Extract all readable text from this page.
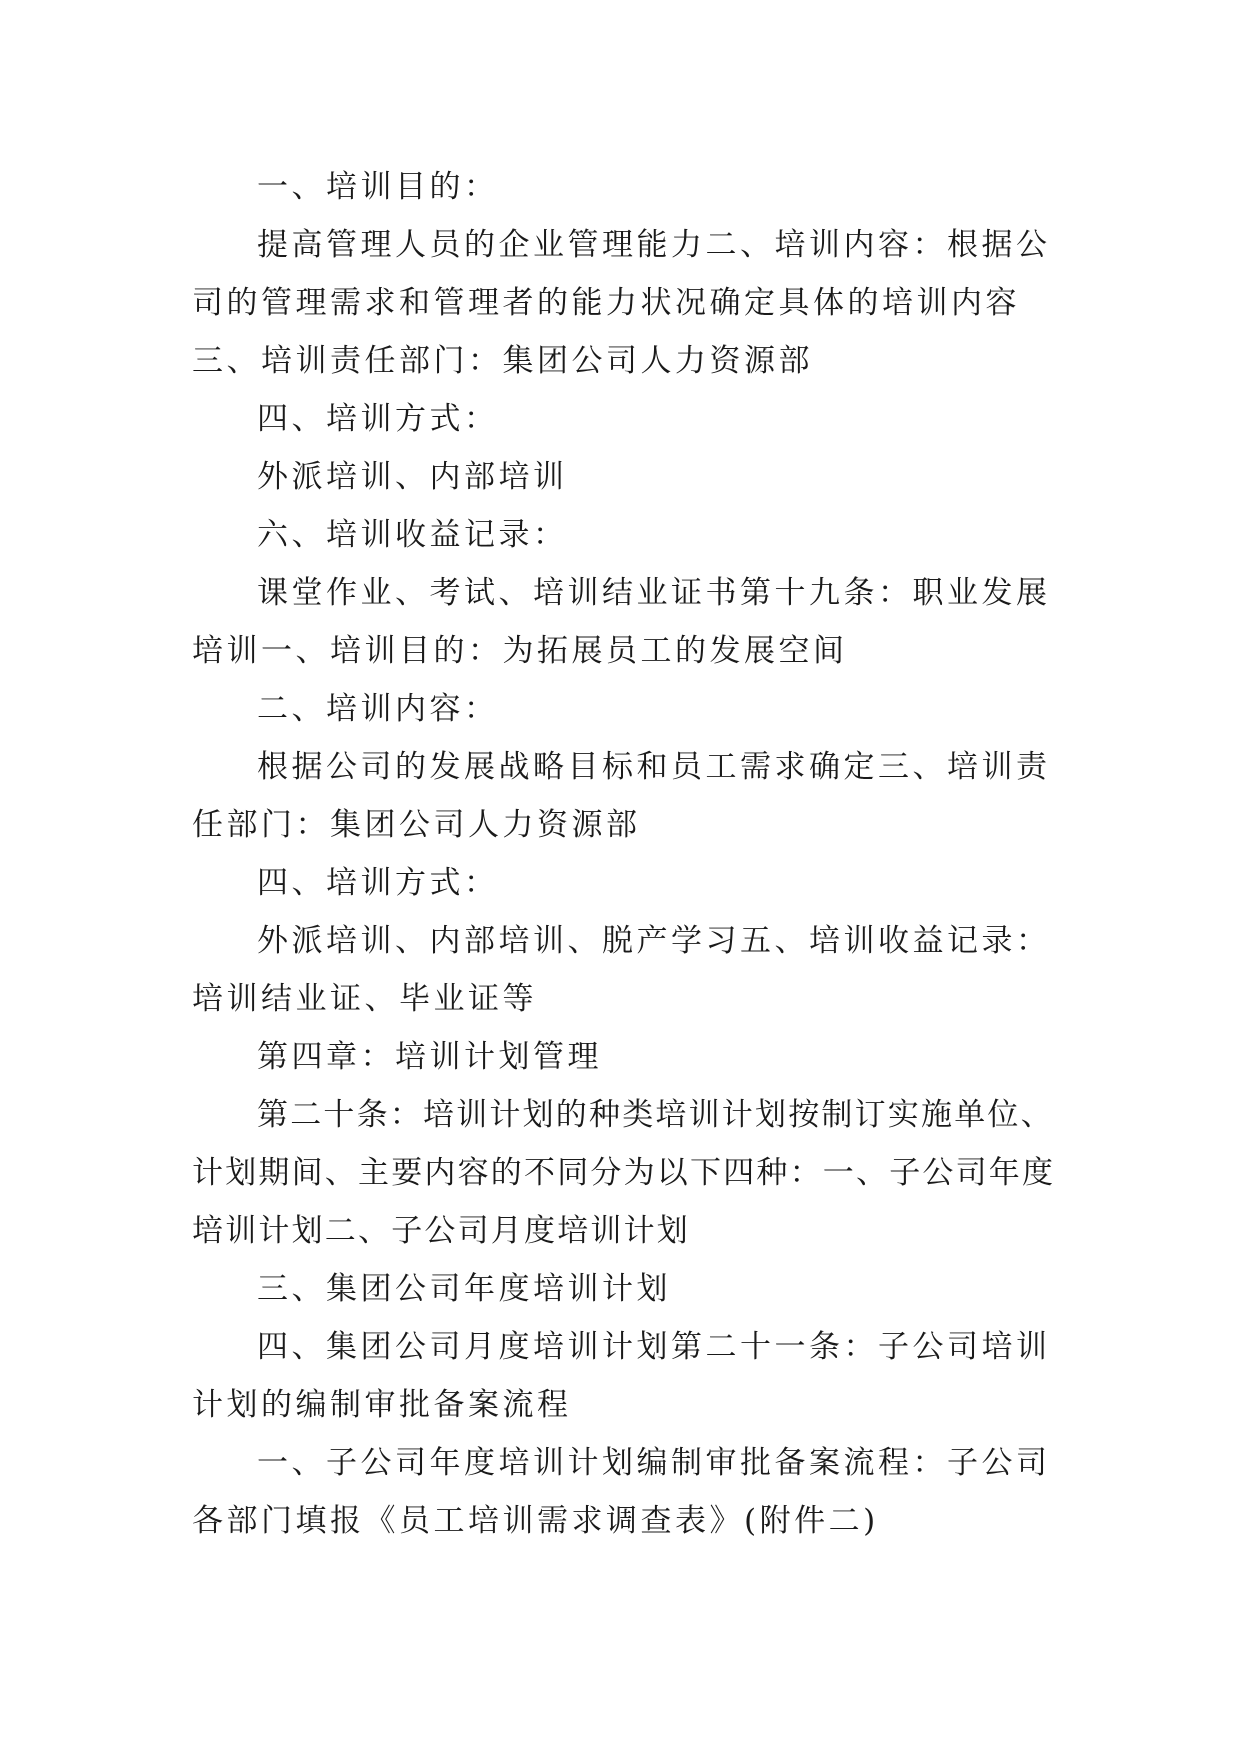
一、培训目的：

提高管理人员的企业管理能力二、培训内容：根据公司的管理需求和管理者的能力状况确定具体的培训内容三、培训责任部门：集团公司人力资源部

四、培训方式：

外派培训、内部培训

六、培训收益记录：

课堂作业、考试、培训结业证书第十九条：职业发展培训一、培训目的：为拓展员工的发展空间

二、培训内容：

根据公司的发展战略目标和员工需求确定三、培训责任部门：集团公司人力资源部

四、培训方式：

外派培训、内部培训、脱产学习五、培训收益记录：培训结业证、毕业证等

第四章：培训计划管理

第二十条：培训计划的种类培训计划按制订实施单位、计划期间、主要内容的不同分为以下四种：一、子公司年度培训计划二、子公司月度培训计划

三、集团公司年度培训计划

四、集团公司月度培训计划第二十一条：子公司培训计划的编制审批备案流程

一、子公司年度培训计划编制审批备案流程：子公司各部门填报《员工培训需求调查表》(附件二)
